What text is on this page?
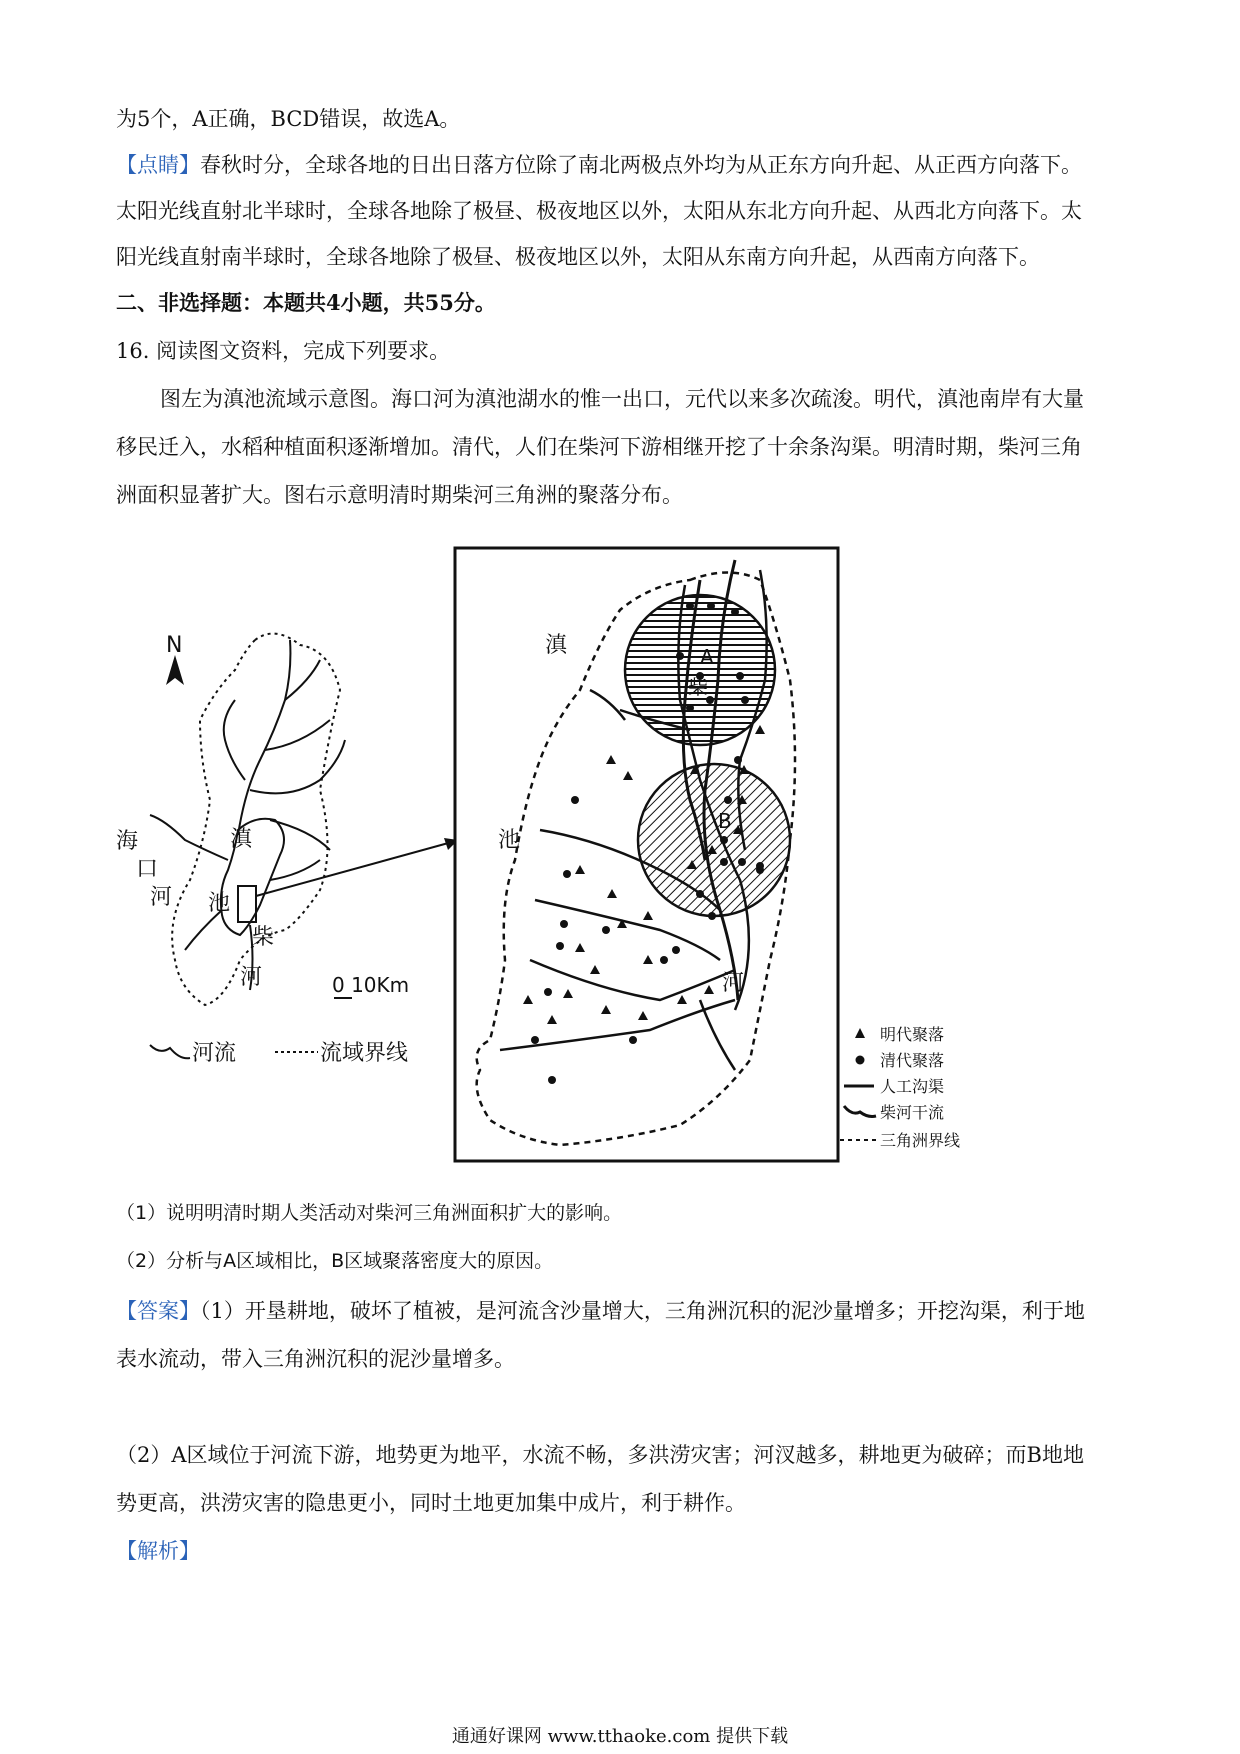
为5个，A正确，BCD错误，故选A。
【点睛】春秋时分，全球各地的日出日落方位除了南北两极点外均为从正东方向升起、从正西方向落下。
太阳光线直射北半球时，全球各地除了极昼、极夜地区以外，太阳从东北方向升起、从西北方向落下。太
阳光线直射南半球时，全球各地除了极昼、极夜地区以外，太阳从东南方向升起，从西南方向落下。
二、非选择题：本题共4小题，共55分。
16. 阅读图文资料，完成下列要求。
图左为滇池流域示意图。海口河为滇池湖水的惟一出口，元代以来多次疏浚。明代，滇池南岸有大量
移民迁入，水稻种植面积逐渐增加。清代，人们在柴河下游相继开挖了十余条沟渠。明清时期，柴河三角
洲面积显著扩大。图右示意明清时期柴河三角洲的聚落分布。
N
海
口
河
滇
池
柴
河	0 10Km
河流	流域界线
滇
池
河
A
柴
B
明代聚落
清代聚落
人工沟渠
柴河干流
三角洲界线
（1）说明明清时期人类活动对柴河三角洲面积扩大的影响。
（2）分析与A区域相比，B区域聚落密度大的原因。
【答案】（1）开垦耕地，破坏了植被，是河流含沙量增大，三角洲沉积的泥沙量增多；开挖沟渠，利于地
表水流动，带入三角洲沉积的泥沙量增多。
（2）A区域位于河流下游，地势更为地平，水流不畅，多洪涝灾害；河汊越多，耕地更为破碎；而B地地
势更高，洪涝灾害的隐患更小，同时土地更加集中成片，利于耕作。
【解析】
通通好课网 www.tthaoke.com 提供下载
